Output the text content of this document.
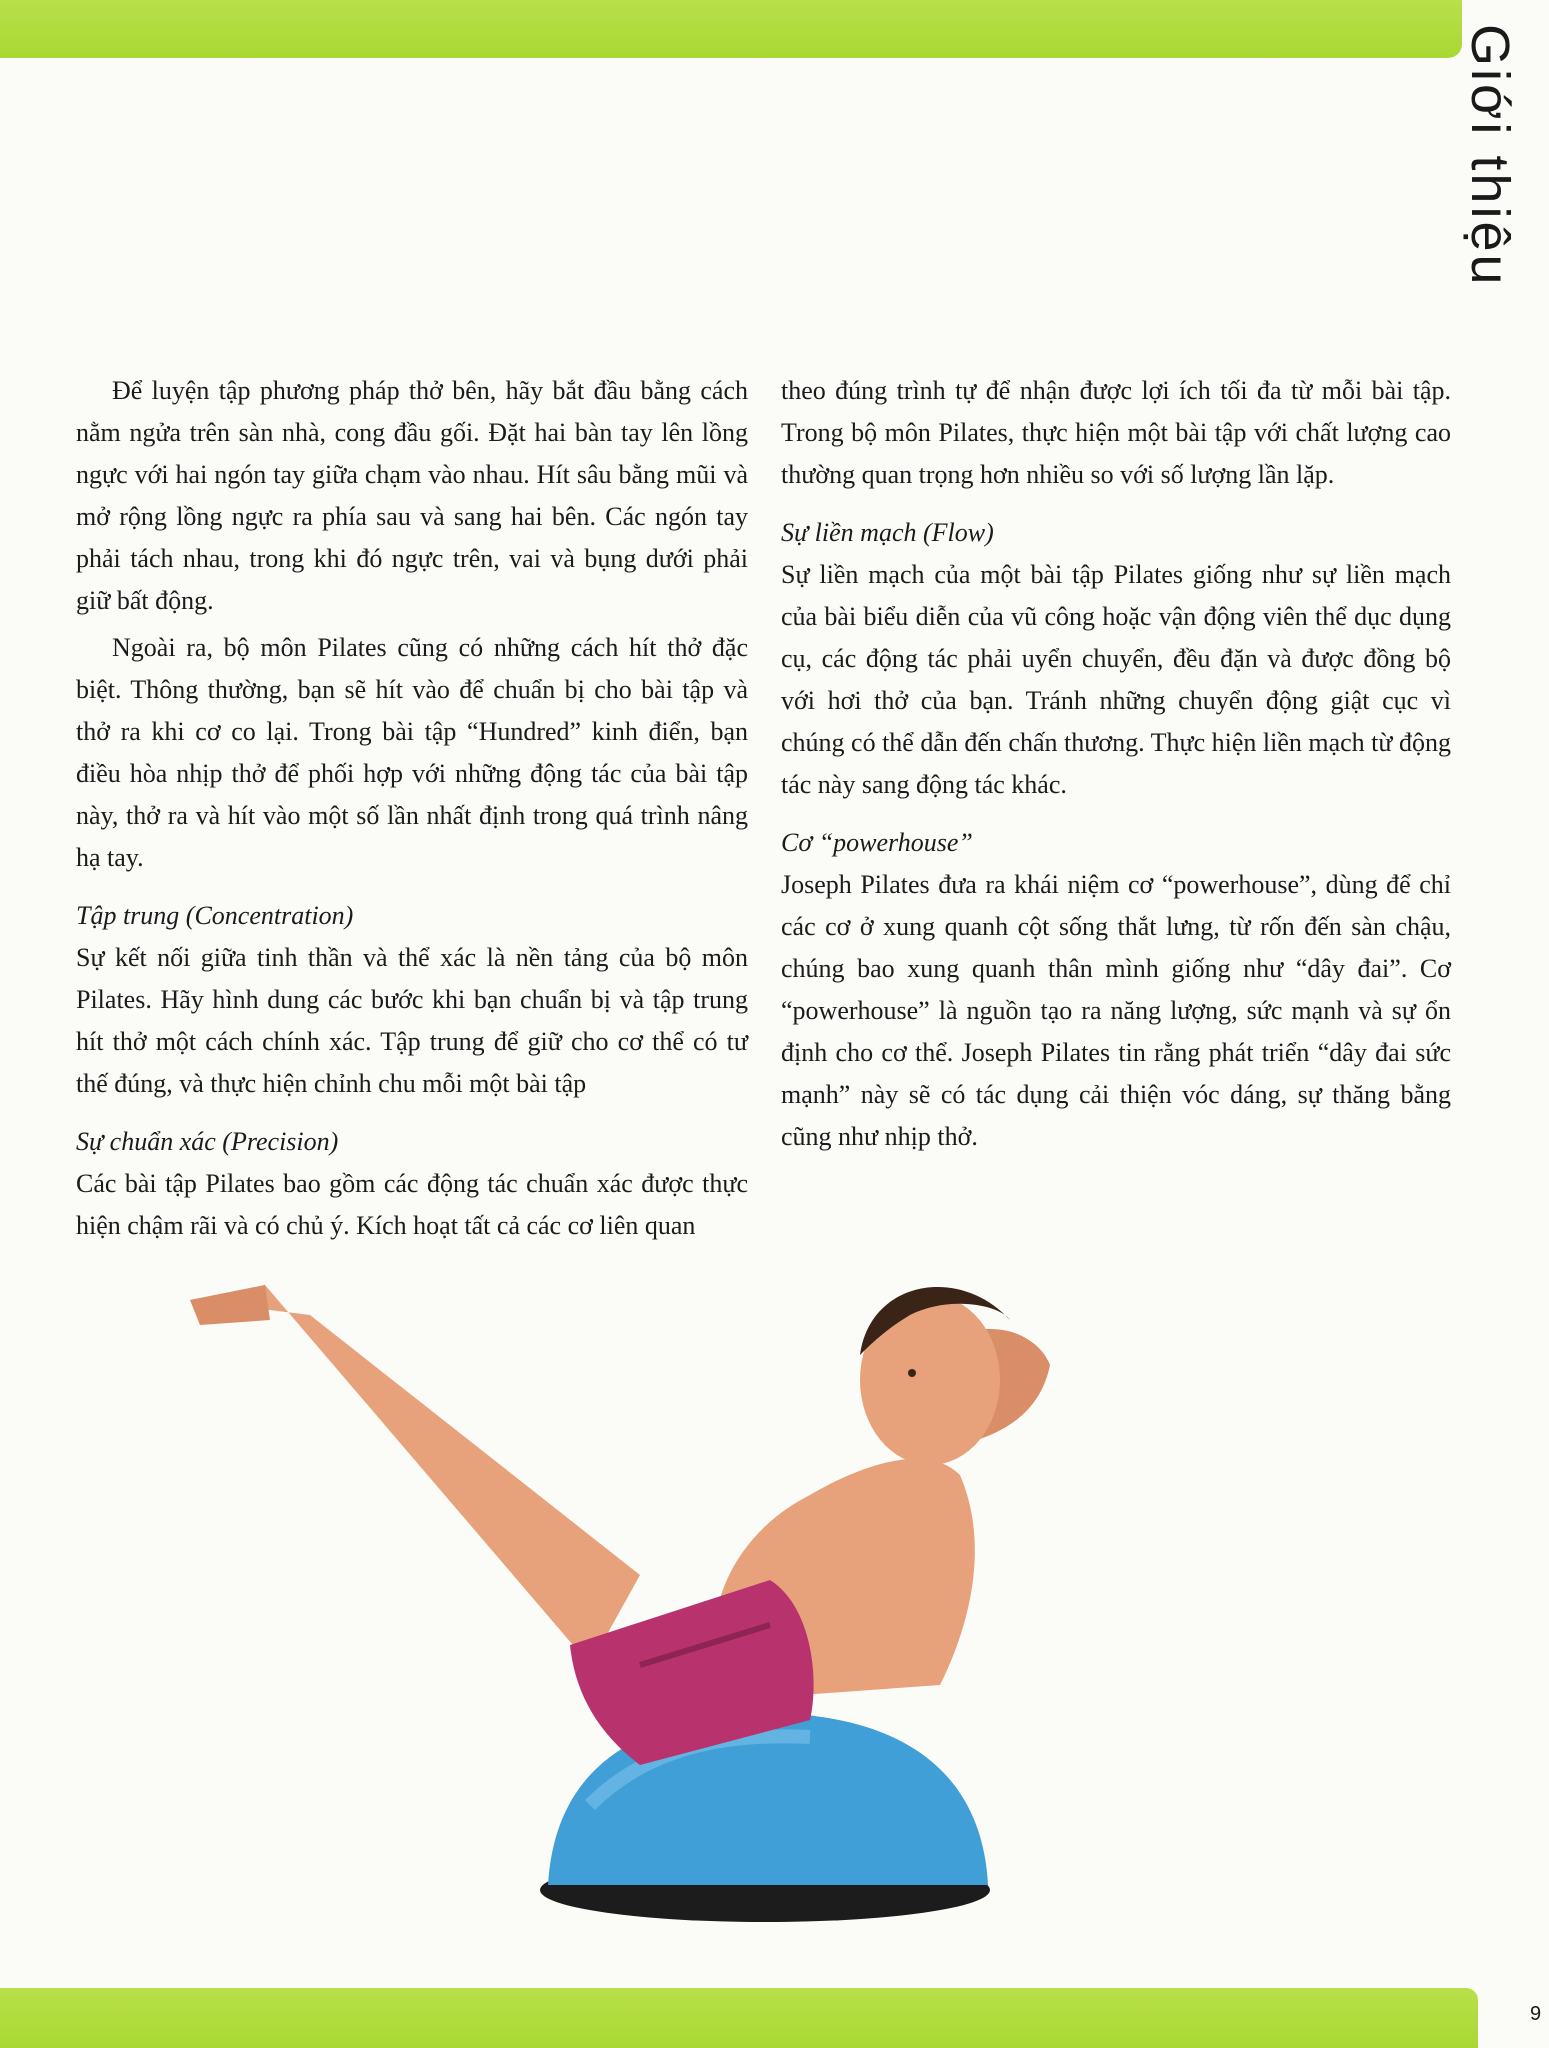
Giới thiệu

Để luyện tập phương pháp thở bên, hãy bắt đầu bằng cách nằm ngửa trên sàn nhà, cong đầu gối. Đặt hai bàn tay lên lồng ngực với hai ngón tay giữa chạm vào nhau. Hít sâu bằng mũi và mở rộng lồng ngực ra phía sau và sang hai bên. Các ngón tay phải tách nhau, trong khi đó ngực trên, vai và bụng dưới phải giữ bất động.

Ngoài ra, bộ môn Pilates cũng có những cách hít thở đặc biệt. Thông thường, bạn sẽ hít vào để chuẩn bị cho bài tập và thở ra khi cơ co lại. Trong bài tập “Hundred” kinh điển, bạn điều hòa nhịp thở để phối hợp với những động tác của bài tập này, thở ra và hít vào một số lần nhất định trong quá trình nâng hạ tay.

Tập trung (Concentration)

Sự kết nối giữa tinh thần và thể xác là nền tảng của bộ môn Pilates. Hãy hình dung các bước khi bạn chuẩn bị và tập trung hít thở một cách chính xác. Tập trung để giữ cho cơ thể có tư thế đúng, và thực hiện chỉnh chu mỗi một bài tập

Sự chuẩn xác (Precision)

Các bài tập Pilates bao gồm các động tác chuẩn xác được thực hiện chậm rãi và có chủ ý. Kích hoạt tất cả các cơ liên quan

theo đúng trình tự để nhận được lợi ích tối đa từ mỗi bài tập. Trong bộ môn Pilates, thực hiện một bài tập với chất lượng cao thường quan trọng hơn nhiều so với số lượng lần lặp.

Sự liền mạch (Flow)

Sự liền mạch của một bài tập Pilates giống như sự liền mạch của bài biểu diễn của vũ công hoặc vận động viên thể dục dụng cụ, các động tác phải uyển chuyển, đều đặn và được đồng bộ với hơi thở của bạn. Tránh những chuyển động giật cục vì chúng có thể dẫn đến chấn thương. Thực hiện liền mạch từ động tác này sang động tác khác.

Cơ “powerhouse”

Joseph Pilates đưa ra khái niệm cơ “powerhouse”, dùng để chỉ các cơ ở xung quanh cột sống thắt lưng, từ rốn đến sàn chậu, chúng bao xung quanh thân mình giống như “dây đai”. Cơ “powerhouse” là nguồn tạo ra năng lượng, sức mạnh và sự ổn định cho cơ thể. Joseph Pilates tin rằng phát triển “dây đai sức mạnh” này sẽ có tác dụng cải thiện vóc dáng, sự thăng bằng cũng như nhịp thở.

9
